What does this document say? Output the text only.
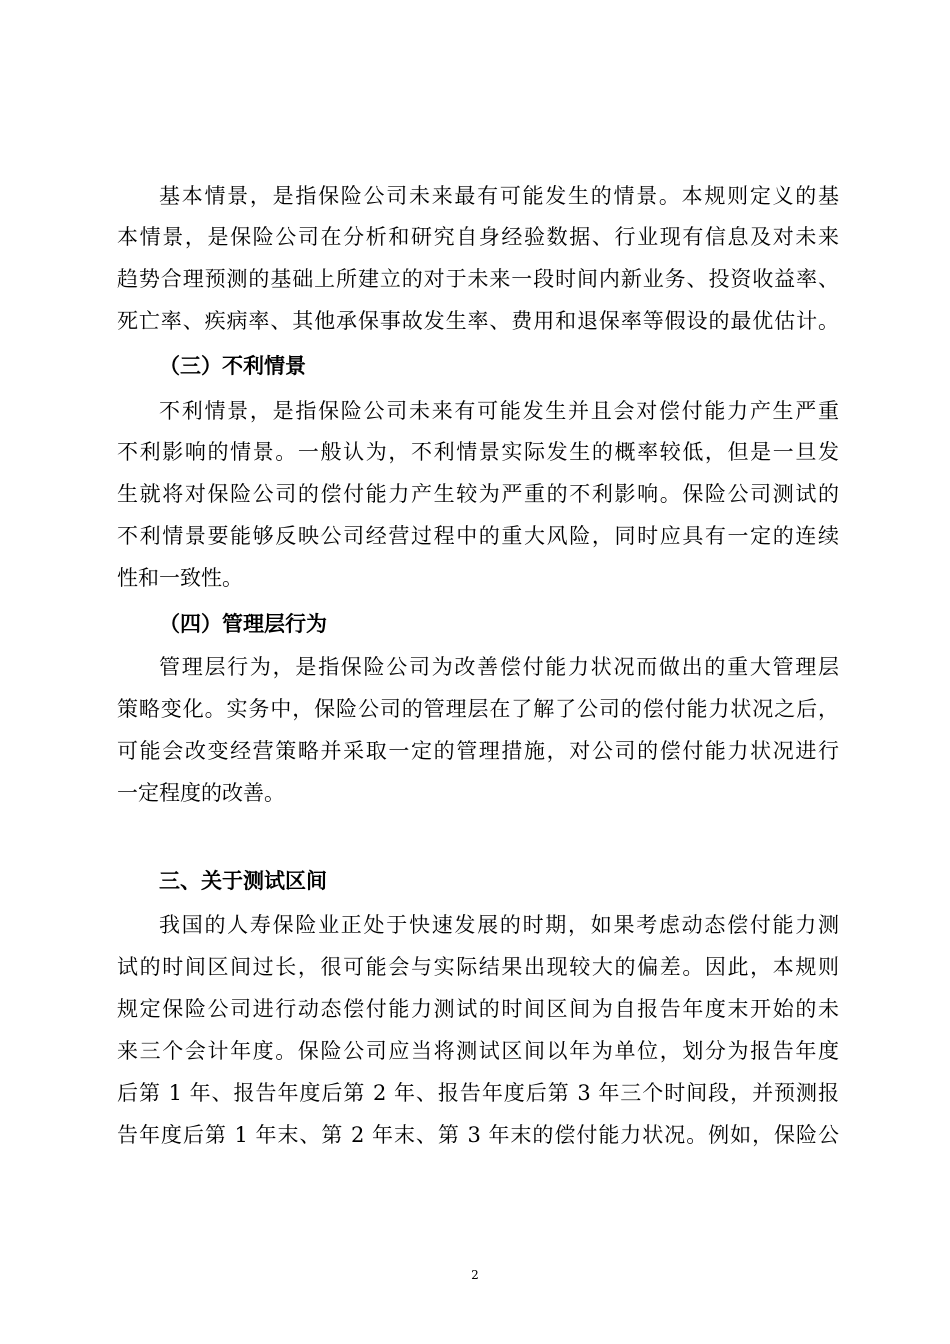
基本情景，是指保险公司未来最有可能发生的情景。本规则定义的基
本情景，是保险公司在分析和研究自身经验数据、行业现有信息及对未来
趋势合理预测的基础上所建立的对于未来一段时间内新业务、投资收益率、
死亡率、疾病率、其他承保事故发生率、费用和退保率等假设的最优估计。
（三）不利情景
不利情景，是指保险公司未来有可能发生并且会对偿付能力产生严重
不利影响的情景。一般认为，不利情景实际发生的概率较低，但是一旦发
生就将对保险公司的偿付能力产生较为严重的不利影响。保险公司测试的
不利情景要能够反映公司经营过程中的重大风险，同时应具有一定的连续
性和一致性。
（四）管理层行为
管理层行为，是指保险公司为改善偿付能力状况而做出的重大管理层
策略变化。实务中，保险公司的管理层在了解了公司的偿付能力状况之后，
可能会改变经营策略并采取一定的管理措施，对公司的偿付能力状况进行
一定程度的改善。
三、关于测试区间
我国的人寿保险业正处于快速发展的时期，如果考虑动态偿付能力测
试的时间区间过长，很可能会与实际结果出现较大的偏差。因此，本规则
规定保险公司进行动态偿付能力测试的时间区间为自报告年度末开始的未
来三个会计年度。保险公司应当将测试区间以年为单位，划分为报告年度
后第 1 年、报告年度后第 2 年、报告年度后第 3 年三个时间段，并预测报
告年度后第 1 年末、第 2 年末、第 3 年末的偿付能力状况。例如，保险公
2
